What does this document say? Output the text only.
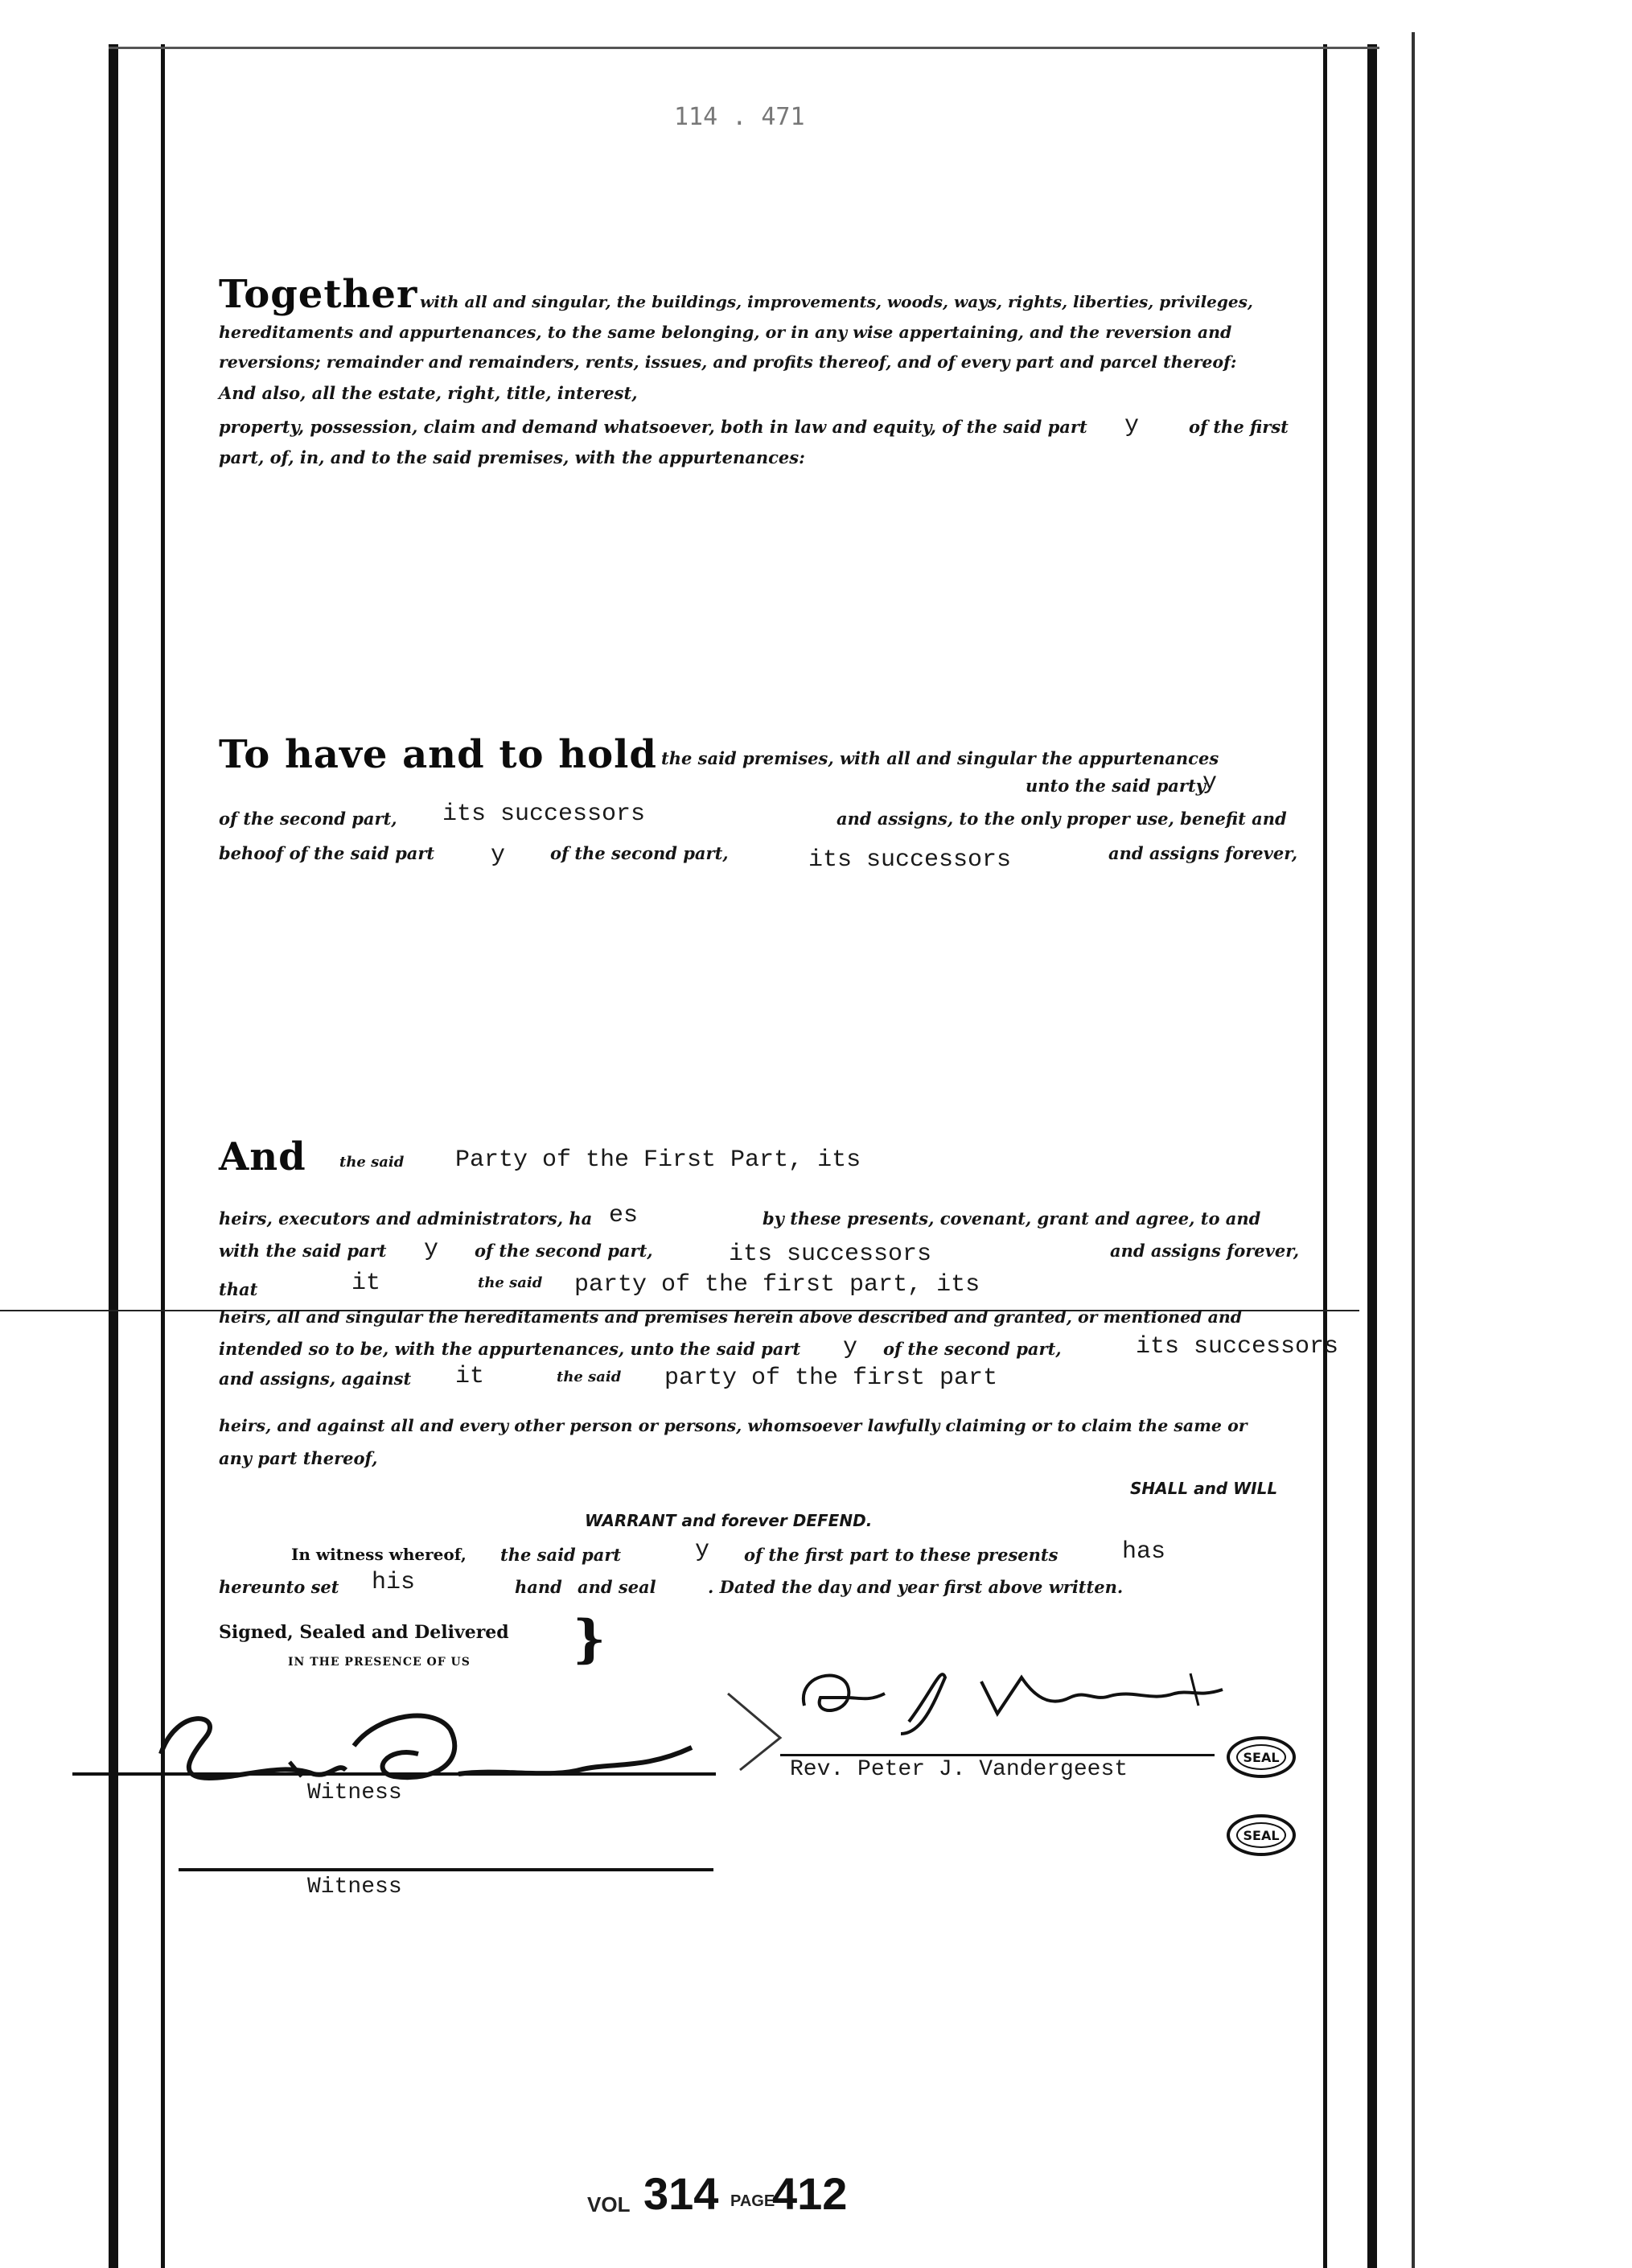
114 . 471
Together with all and singular, the buildings, improvements, woods, ways, rights, liberties, privileges,
hereditaments and appurtenances, to the same belonging, or in any wise appertaining, and the reversion and
reversions; remainder and remainders, rents, issues, and profits thereof, and of every part and parcel thereof:
And also, all the estate, right, title, interest,
property, possession, claim and demand whatsoever, both in law and equity, of the said part y	of the first
part, of, in, and to the said premises, with the appurtenances:
To have and to hold the said premises, with all and singular the appurtenances
unto the said party
y
of the second part, its successors	and assigns, to the only proper use, benefit and
behoof of the said part y	of the second part,	its successors	and assigns forever,
And the said Party of the First Part, its
heirs, executors and administrators, ha es	by these presents, covenant, grant and agree, to and
with the said part y of the second part,	its successors	and assigns forever,
that	it	the said party of the first part, its
heirs, all and singular the hereditaments and premises herein above described and granted, or mentioned and
intended so to be, with the appurtenances, unto the said part y of the second part,	its successors
and assigns, against it	the said party of the first part
heirs, and against all and every other person or persons, whomsoever lawfully claiming or to claim the same or
any part thereof,
SHALL and WILL
WARRANT and forever DEFEND.
In witness whereof, the said part	y of the first part to these presents	has
hereunto set his	hand and seal	. Dated the day and year first above written.
Signed, Sealed and Delivered }
IN THE PRESENCE OF US
Witness
Rev. Peter J. Vandergeest	SEAL
SEAL
Witness
VOL 314 PAGE
412
